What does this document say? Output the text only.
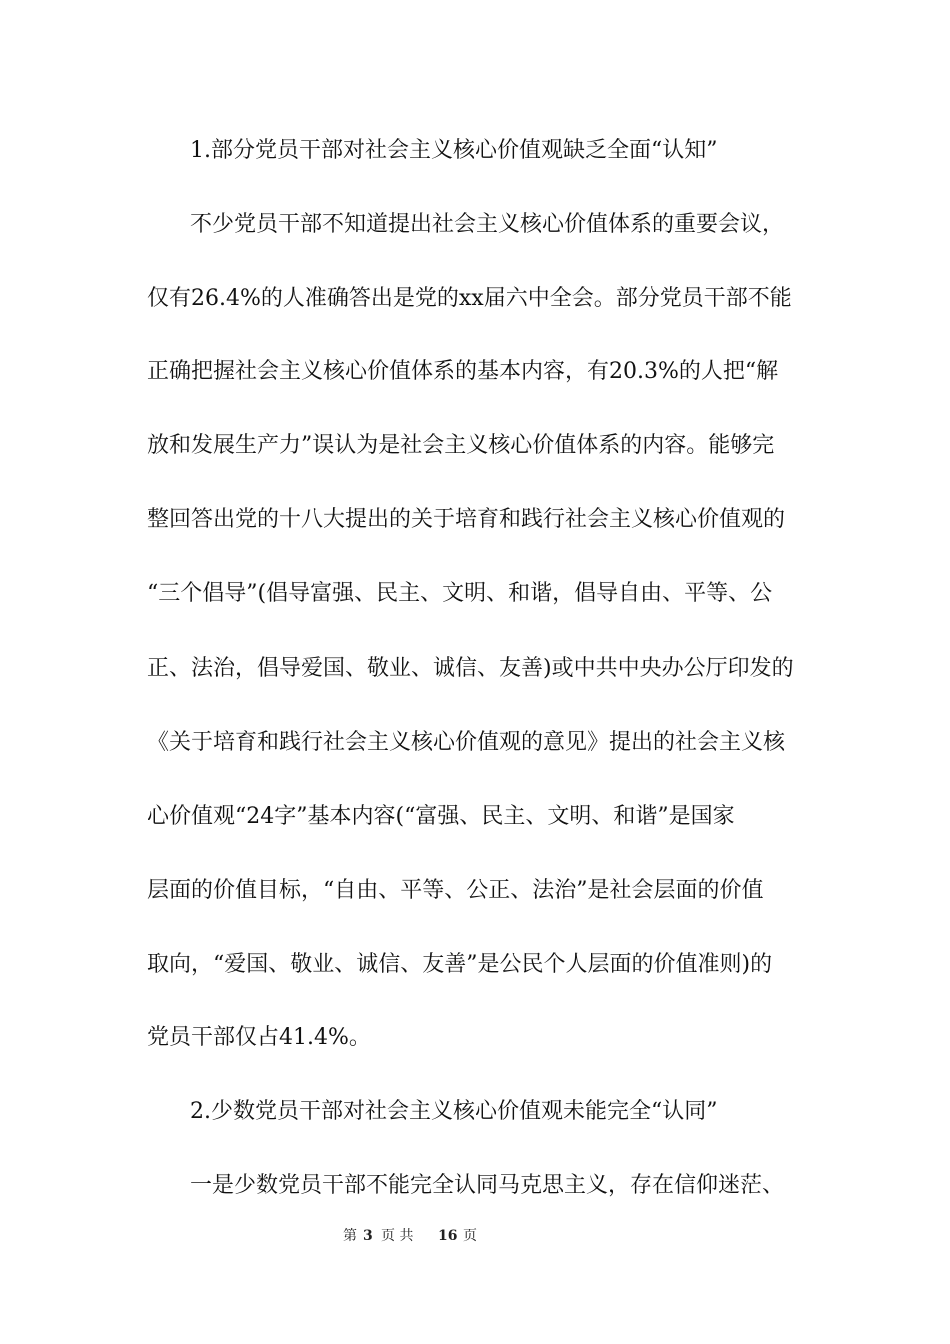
1.部分党员干部对社会主义核心价值观缺乏全面“认知”
不少党员干部不知道提出社会主义核心价值体系的重要会议，
仅有26.4%的人准确答出是党的xx届六中全会。部分党员干部不能
正确把握社会主义核心价值体系的基本内容，有20.3%的人把“解
放和发展生产力”误认为是社会主义核心价值体系的内容。能够完
整回答出党的十八大提出的关于培育和践行社会主义核心价值观的
“三个倡导”(倡导富强、民主、文明、和谐，倡导自由、平等、公
正、法治，倡导爱国、敬业、诚信、友善)或中共中央办公厅印发的
《关于培育和践行社会主义核心价值观的意见》提出的社会主义核
心价值观“24字”基本内容(“富强、民主、文明、和谐”是国家
层面的价值目标，“自由、平等、公正、法治”是社会层面的价值
取向，“爱国、敬业、诚信、友善”是公民个人层面的价值准则)的
党员干部仅占41.4%。
2.少数党员干部对社会主义核心价值观未能完全“认同”
一是少数党员干部不能完全认同马克思主义，存在信仰迷茫、
第 3 页 共 16 页
